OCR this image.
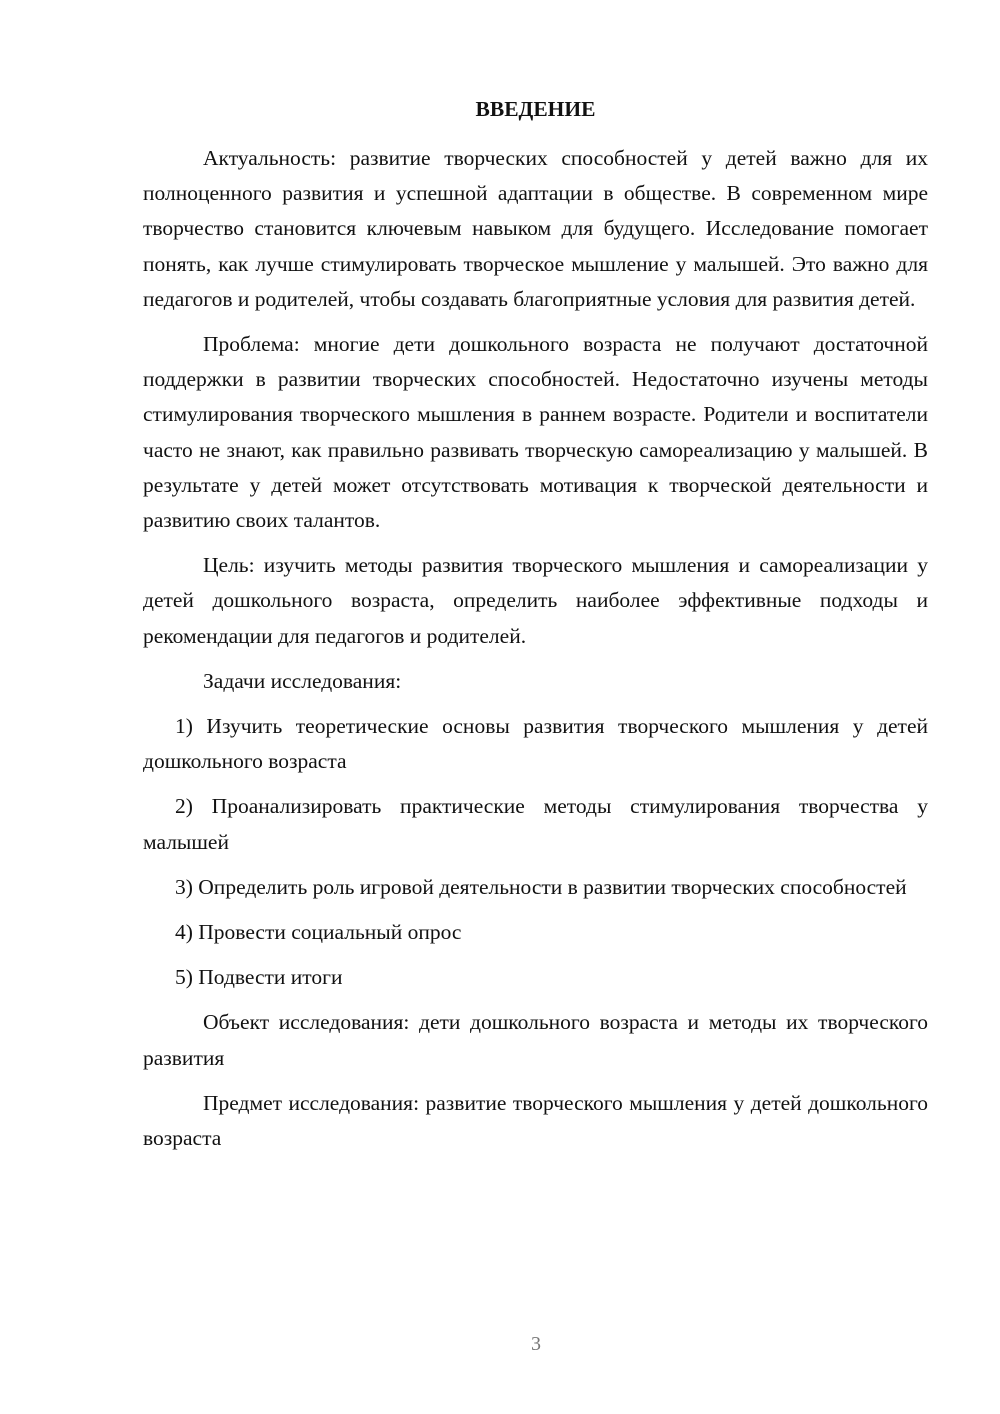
ВВЕДЕНИЕ

Актуальность: развитие творческих способностей у детей важно для их полноценного развития и успешной адаптации в обществе. В современном мире творчество становится ключевым навыком для будущего. Исследование помогает понять, как лучше стимулировать творческое мышление у малышей. Это важно для педагогов и родителей, чтобы создавать благоприятные условия для развития детей.

Проблема: многие дети дошкольного возраста не получают достаточной поддержки в развитии творческих способностей. Недостаточно изучены методы стимулирования творческого мышления в раннем возрасте. Родители и воспитатели часто не знают, как правильно развивать творческую самореализацию у малышей. В результате у детей может отсутствовать мотивация к творческой деятельности и развитию своих талантов.

Цель: изучить методы развития творческого мышления и самореализации у детей дошкольного возраста, определить наиболее эффективные подходы и рекомендации для педагогов и родителей.

Задачи исследования:

1) Изучить теоретические основы развития творческого мышления у детей дошкольного возраста

2) Проанализировать практические методы стимулирования творчества у малышей

3) Определить роль игровой деятельности в развитии творческих способностей

4) Провести социальный опрос

5) Подвести итоги

Объект исследования: дети дошкольного возраста и методы их творческого развития

Предмет исследования: развитие творческого мышления у детей дошкольного возраста

3
